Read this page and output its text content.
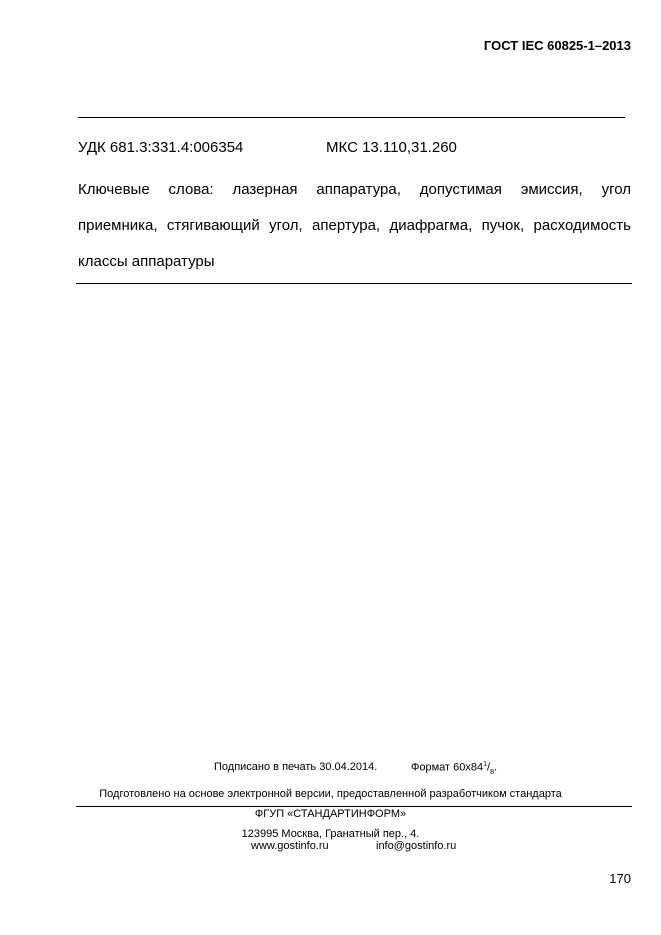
ГОСТ IEC 60825-1–2013
УДК 681.3:331.4:006354	МКС 13.110,31.260
Ключевые слова: лазерная аппаратура, допустимая эмиссия, угол
приемника, стягивающий угол, апертура, диафрагма, пучок, расходимость
классы аппаратуры
Подписано в печать 30.04.2014.	Формат $60х84^1/_8$.
Подготовлено на основе электронной версии, предоставленной разработчиком стандарта
ФГУП «СТАНДАРТИНФОРМ»
123995 Москва, Гранатный пер., 4.
www.gostinfo.ru	info@gostinfo.ru
170
